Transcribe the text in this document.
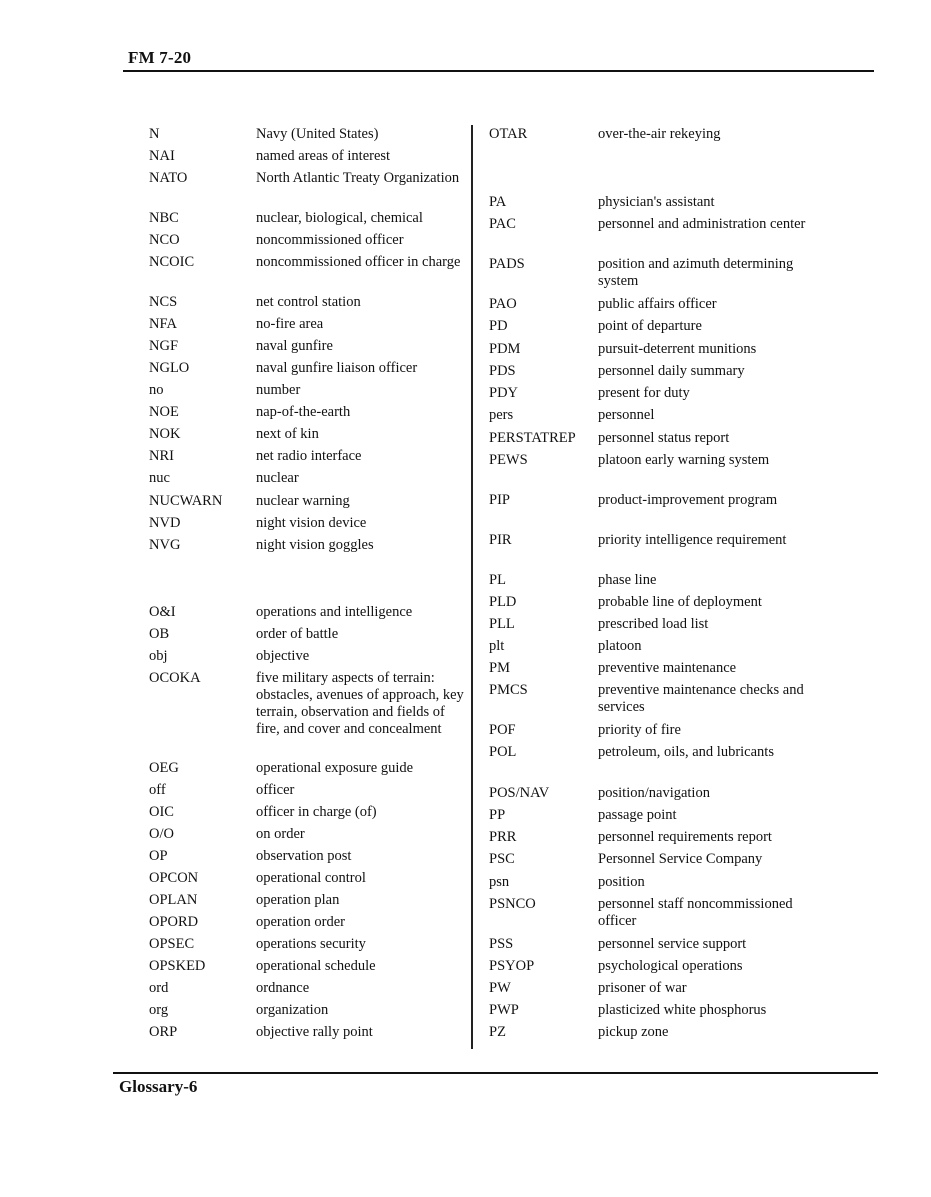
FM 7-20
N	Navy (United States)
NAI	named areas of interest
NATO	North Atlantic Treaty Organization
NBC	nuclear, biological, chemical
NCO	noncommissioned officer
NCOIC	noncommissioned officer in charge
NCS	net control station
NFA	no-fire area
NGF	naval gunfire
NGLO	naval gunfire liaison officer
no	number
NOE	nap-of-the-earth
NOK	next of kin
NRI	net radio interface
nuc	nuclear
NUCWARN nuclear warning
NVD	night vision device
NVG	night vision goggles
O&I	operations and intelligence
OB	order of battle
obj	objective
OCOKA	five military aspects of terrain: obstacles, avenues of approach, key terrain, observation and fields of fire, and cover and concealment
OEG	operational exposure guide
off	officer
OIC	officer in charge (of)
O/O	on order
OP	observation post
OPCON	operational control
OPLAN	operation plan
OPORD	operation order
OPSEC	operations security
OPSKED	operational schedule
ord	ordnance
org	organization
ORP	objective rally point
OTAR	over-the-air rekeying
PA	physician's assistant
PAC	personnel and administration center
PADS	position and azimuth determining system
PAO	public affairs officer
PD	point of departure
PDM	pursuit-deterrent munitions
PDS	personnel daily summary
PDY	present for duty
pers	personnel
PERSTATREP personnel status report
PEWS	platoon early warning system
PIP	product-improvement program
PIR	priority intelligence requirement
PL	phase line
PLD	probable line of deployment
PLL	prescribed load list
plt	platoon
PM	preventive maintenance
PMCS	preventive maintenance checks and services
POF	priority of fire
POL	petroleum, oils, and lubricants
POS/NAV	position/navigation
PP	passage point
PRR	personnel requirements report
PSC	Personnel Service Company
psn	position
PSNCO	personnel staff noncommissioned officer
PSS	personnel service support
PSYOP	psychological operations
PW	prisoner of war
PWP	plasticized white phosphorus
PZ	pickup zone
Glossary-6
